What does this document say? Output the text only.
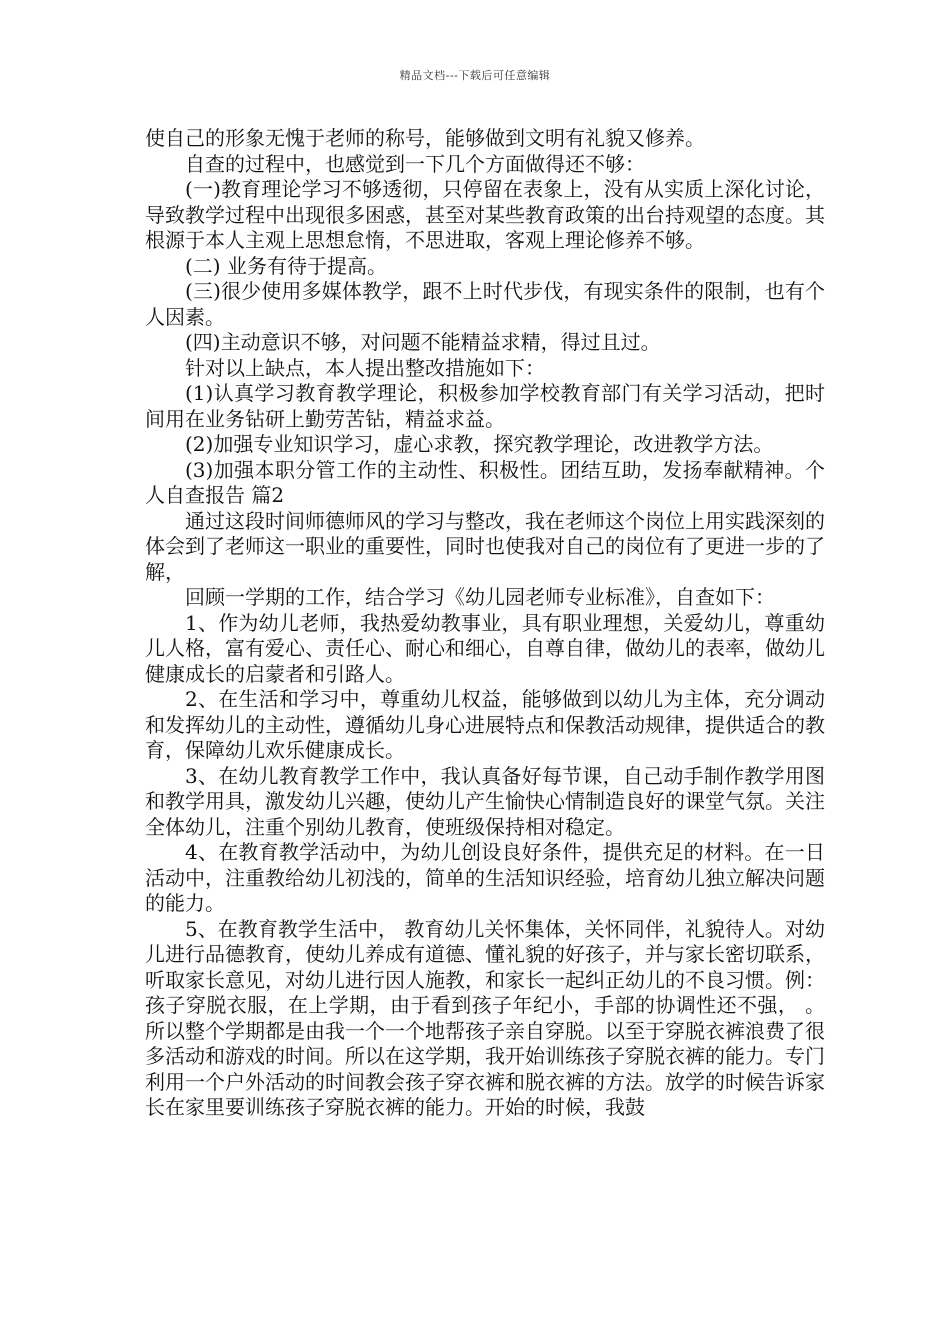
精品文档---下载后可任意编辑

使自己的形象无愧于老师的称号，能够做到文明有礼貌又修养。

自查的过程中，也感觉到一下几个方面做得还不够：

(一)教育理论学习不够透彻，只停留在表象上，没有从实质上深化讨论，导致教学过程中出现很多困惑，甚至对某些教育政策的出台持观望的态度。其根源于本人主观上思想怠惰，不思进取，客观上理论修养不够。

(二) 业务有待于提高。

(三)很少使用多媒体教学，跟不上时代步伐，有现实条件的限制，也有个人因素。

(四)主动意识不够，对问题不能精益求精，得过且过。

针对以上缺点，本人提出整改措施如下：

(1)认真学习教育教学理论，积极参加学校教育部门有关学习活动，把时间用在业务钻研上勤劳苦钻，精益求益。

(2)加强专业知识学习，虚心求教，探究教学理论，改进教学方法。

(3)加强本职分管工作的主动性、积极性。团结互助，发扬奉献精神。个人自查报告 篇2

通过这段时间师德师风的学习与整改，我在老师这个岗位上用实践深刻的体会到了老师这一职业的重要性，同时也使我对自己的岗位有了更进一步的了解，

回顾一学期的工作，结合学习《幼儿园老师专业标准》，自查如下：

1、作为幼儿老师，我热爱幼教事业，具有职业理想，关爱幼儿，尊重幼儿人格，富有爱心、责任心、耐心和细心，自尊自律，做幼儿的表率，做幼儿健康成长的启蒙者和引路人。

2、在生活和学习中，尊重幼儿权益，能够做到以幼儿为主体，充分调动和发挥幼儿的主动性，遵循幼儿身心进展特点和保教活动规律，提供适合的教育，保障幼儿欢乐健康成长。

3、在幼儿教育教学工作中，我认真备好每节课，自己动手制作教学用图和教学用具，激发幼儿兴趣，使幼儿产生愉快心情制造良好的课堂气氛。关注全体幼儿，注重个别幼儿教育，使班级保持相对稳定。

4、在教育教学活动中，为幼儿创设良好条件，提供充足的材料。在一日活动中，注重教给幼儿初浅的，简单的生活知识经验，培育幼儿独立解决问题的能力。

5、在教育教学生活中， 教育幼儿关怀集体，关怀同伴，礼貌待人。对幼儿进行品德教育，使幼儿养成有道德、懂礼貌的好孩子，并与家长密切联系，听取家长意见，对幼儿进行因人施教，和家长一起纠正幼儿的不良习惯。例：孩子穿脱衣服，在上学期，由于看到孩子年纪小，手部的协调性还不强， 。所以整个学期都是由我一个一个地帮孩子亲自穿脱。以至于穿脱衣裤浪费了很多活动和游戏的时间。所以在这学期，我开始训练孩子穿脱衣裤的能力。专门利用一个户外活动的时间教会孩子穿衣裤和脱衣裤的方法。放学的时候告诉家长在家里要训练孩子穿脱衣裤的能力。开始的时候，我鼓
